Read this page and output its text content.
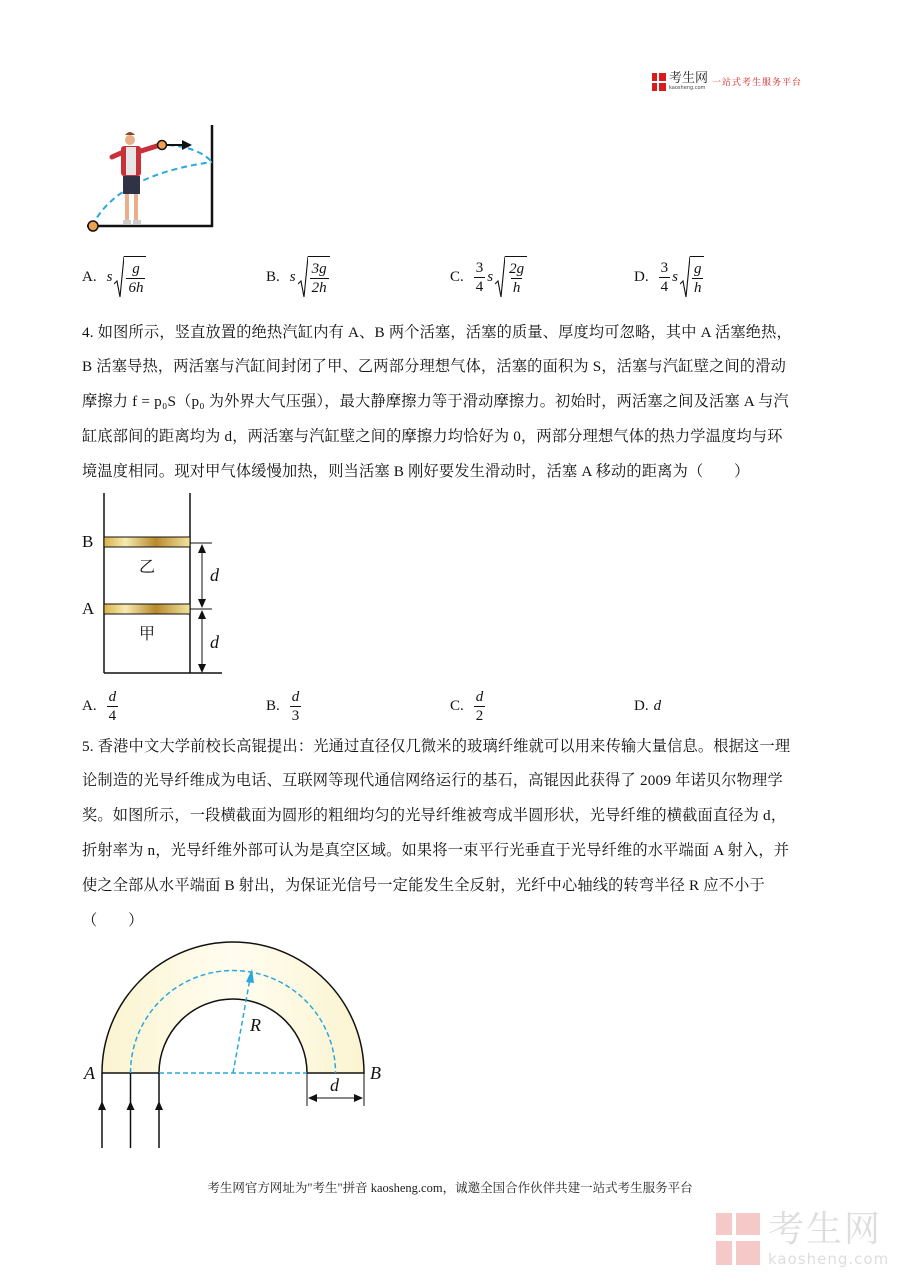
考生网
kaosheng.com 一站式考生服务平台
A. s $\frac{g}{6h}$	B. s $\frac{3g}{2h}$	C. $\frac{3}{4}$ s $\frac{2g}{h}$	D. $\frac{3}{4}$ s $\frac{g}{h}$
4. 如图所示，竖直放置的绝热汽缸内有 A、B 两个活塞，活塞的质量、厚度均可忽略，其中 A 活塞绝热，
B 活塞导热，两活塞与汽缸间封闭了甲、乙两部分理想气体，活塞的面积为 S，活塞与汽缸壁之间的滑动
摩擦力 f = p₀S（p₀ 为外界大气压强），最大静摩擦力等于滑动摩擦力。初始时，两活塞之间及活塞 A 与汽
缸底部间的距离均为 d，两活塞与汽缸壁之间的摩擦力均恰好为 0，两部分理想气体的热力学温度均与环
境温度相同。现对甲气体缓慢加热，则当活塞 B 刚好要发生滑动时，活塞 A 移动的距离为（　　）
B
A
乙
甲
d
d
A. $\frac{d}{4}$	B. $\frac{d}{3}$	C. $\frac{d}{2}$	D. d
5. 香港中文大学前校长高锟提出：光通过直径仅几微米的玻璃纤维就可以用来传输大量信息。根据这一理
论制造的光导纤维成为电话、互联网等现代通信网络运行的基石，高锟因此获得了 2009 年诺贝尔物理学
奖。如图所示，一段横截面为圆形的粗细均匀的光导纤维被弯成半圆形状，光导纤维的横截面直径为 d，
折射率为 n，光导纤维外部可认为是真空区域。如果将一束平行光垂直于光导纤维的水平端面 A 射入，并
使之全部从水平端面 B 射出，为保证光信号一定能发生全反射，光纤中心轴线的转弯半径 R 应不小于
（　　）
A	B
R
d
考生网官方网址为"考生"拼音 kaosheng.com，诚邀全国合作伙伴共建一站式考生服务平台
考生网
kaosheng.com
